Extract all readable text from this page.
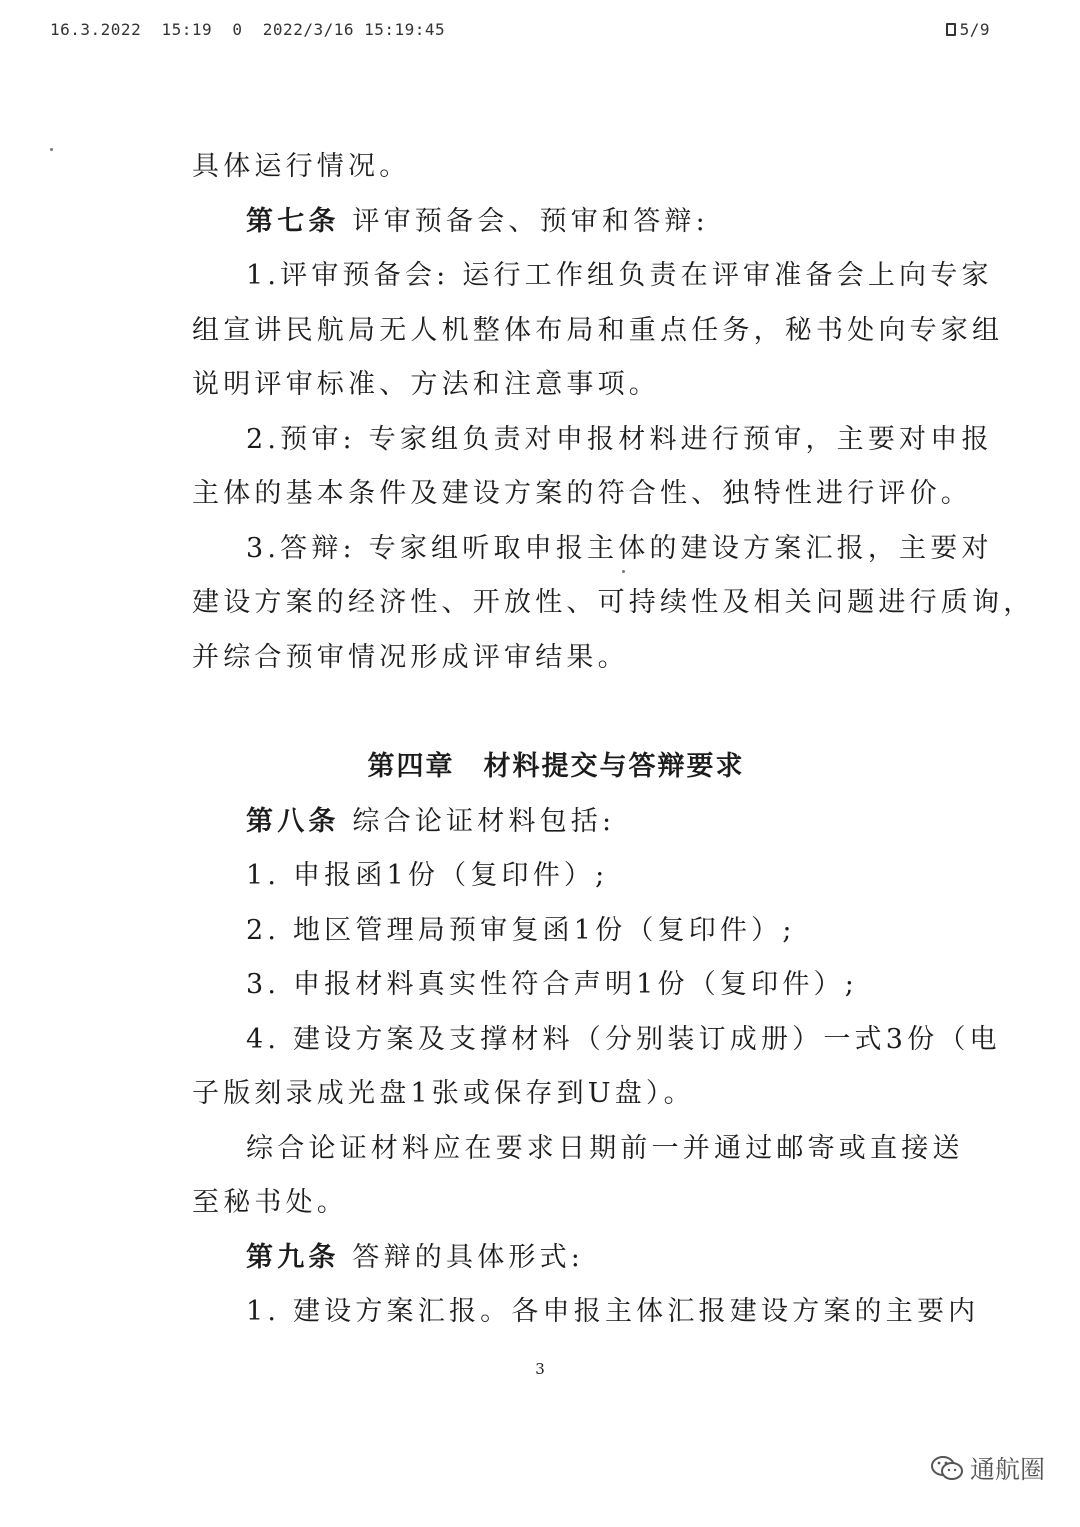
16.3.2022  15:19  0  2022/3/16 15:19:45	5/9
具体运行情况。
第七条 评审预备会、预审和答辩:
1.评审预备会: 运行工作组负责在评审准备会上向专家
组宣讲民航局无人机整体布局和重点任务，秘书处向专家组
说明评审标准、方法和注意事项。
2.预审: 专家组负责对申报材料进行预审，主要对申报
主体的基本条件及建设方案的符合性、独特性进行评价。
3.答辩: 专家组听取申报主体的建设方案汇报，主要对
建设方案的经济性、开放性、可持续性及相关问题进行质询，
并综合预审情况形成评审结果。
第四章　材料提交与答辩要求
第八条 综合论证材料包括:
1. 申报函1份（复印件）;
2. 地区管理局预审复函1份（复印件）;
3. 申报材料真实性符合声明1份（复印件）;
4. 建设方案及支撑材料（分别装订成册）一式3份（电
子版刻录成光盘1张或保存到U盘）。
综合论证材料应在要求日期前一并通过邮寄或直接送
至秘书处。
第九条 答辩的具体形式:
1. 建设方案汇报。各申报主体汇报建设方案的主要内
3
通航圈
